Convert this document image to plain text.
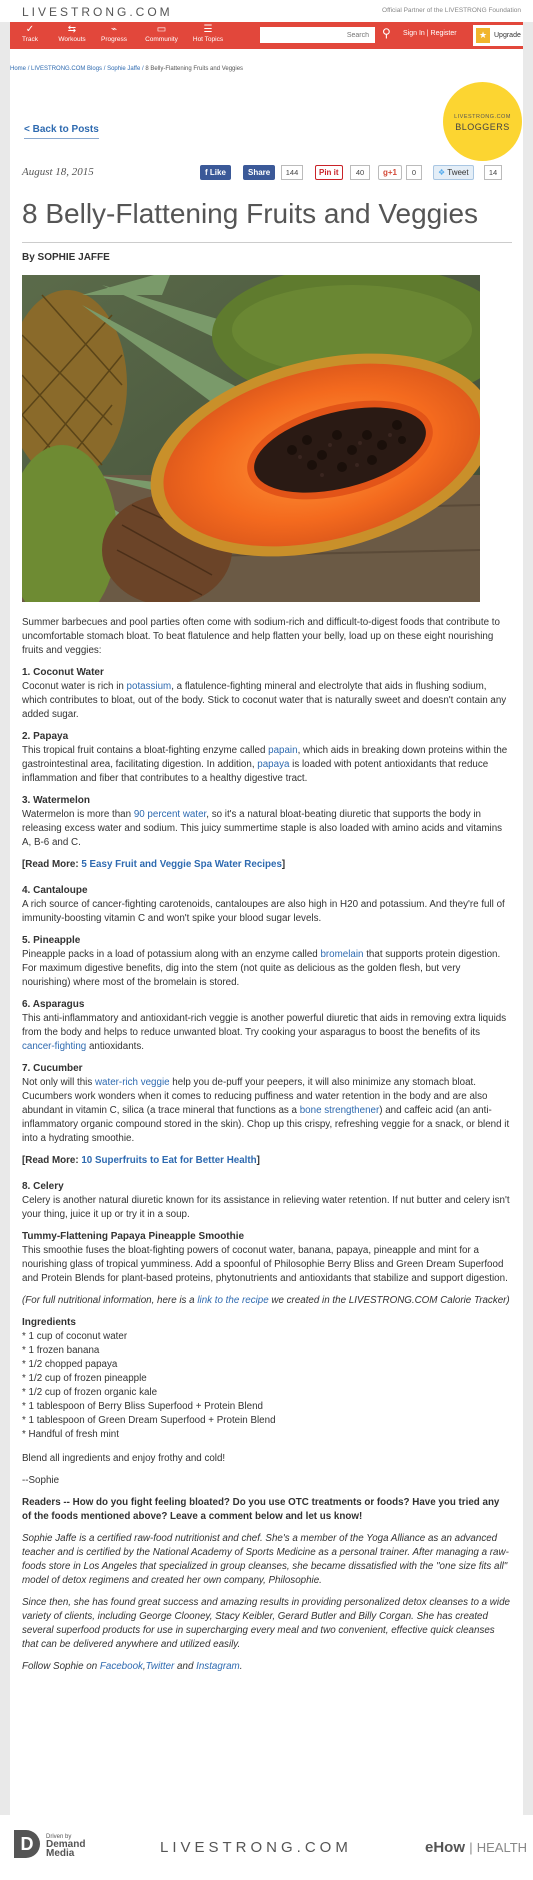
LIVESTRONG.COM	Official Partner of the LIVESTRONG Foundation
✓
Track
⇆
Workouts
⌁
Progress
▭
Community
☰
Hot Topics
Search	⚲	Sign In | Register	★ Upgrade
Home / LIVESTRONG.COM Blogs / Sophie Jaffe / 8 Belly-Flattening Fruits and Veggies
LIVESTRONG.COM
BLOGGERS
< Back to Posts
August 18, 2015	f Like	Share	144	Pin it	40	g+1	0	❖ Tweet	14
8 Belly-Flattening Fruits and Veggies
By SOPHIE JAFFE

Summer barbecues and pool parties often come with sodium-rich and difficult-to-digest foods that contribute to uncomfortable stomach bloat. To beat flatulence and help flatten your belly, load up on these eight nourishing fruits and veggies:

1. Coconut Water
Coconut water is rich in potassium, a flatulence-fighting mineral and electrolyte that aids in flushing sodium, which contributes to bloat, out of the body. Stick to coconut water that is naturally sweet and doesn't contain any added sugar.
2. Papaya
This tropical fruit contains a bloat-fighting enzyme called papain, which aids in breaking down proteins within the gastrointestinal area, facilitating digestion. In addition, papaya is loaded with potent antioxidants that reduce inflammation and fiber that contributes to a healthy digestive tract.
3. Watermelon
Watermelon is more than 90 percent water, so it's a natural bloat-beating diuretic that supports the body in releasing excess water and sodium. This juicy summertime staple is also loaded with amino acids and vitamins A, B-6 and C.
[Read More: 5 Easy Fruit and Veggie Spa Water Recipes]
4. Cantaloupe
A rich source of cancer-fighting carotenoids, cantaloupes are also high in H20 and potassium. And they're full of immunity-boosting vitamin C and won't spike your blood sugar levels.
5. Pineapple
Pineapple packs in a load of potassium along with an enzyme called bromelain that supports protein digestion. For maximum digestive benefits, dig into the stem (not quite as delicious as the golden flesh, but very nourishing) where most of the bromelain is stored.
6. Asparagus
This anti-inflammatory and antioxidant-rich veggie is another powerful diuretic that aids in removing extra liquids from the body and helps to reduce unwanted bloat. Try cooking your asparagus to boost the benefits of its cancer-fighting antioxidants.
7. Cucumber
Not only will this water-rich veggie help you de-puff your peepers, it will also minimize any stomach bloat. Cucumbers work wonders when it comes to reducing puffiness and water retention in the body and are also abundant in vitamin C, silica (a trace mineral that functions as a bone strengthener) and caffeic acid (an anti-inflammatory organic compound stored in the skin). Chop up this crispy, refreshing veggie for a snack, or blend it into a hydrating smoothie.
[Read More: 10 Superfruits to Eat for Better Health]
8. Celery
Celery is another natural diuretic known for its assistance in relieving water retention. If nut butter and celery isn't your thing, juice it up or try it in a soup.
Tummy-Flattening Papaya Pineapple Smoothie
This smoothie fuses the bloat-fighting powers of coconut water, banana, papaya, pineapple and mint for a nourishing glass of tropical yumminess. Add a spoonful of Philosophie Berry Bliss and Green Dream Superfood and Protein Blends for plant-based proteins, phytonutrients and antioxidants that stabilize and support digestion.

(For full nutritional information, here is a link to the recipe we created in the LIVESTRONG.COM Calorie Tracker)

Ingredients
* 1 cup of coconut water
* 1 frozen banana
* 1/2 chopped papaya
* 1/2 cup of frozen pineapple
* 1/2 cup of frozen organic kale
* 1 tablespoon of Berry Bliss Superfood + Protein Blend
* 1 tablespoon of Green Dream Superfood + Protein Blend
* Handful of fresh mint

Blend all ingredients and enjoy frothy and cold!

--Sophie

Readers -- How do you fight feeling bloated? Do you use OTC treatments or foods? Have you tried any of the foods mentioned above? Leave a comment below and let us know!

Sophie Jaffe is a certified raw-food nutritionist and chef. She's a member of the Yoga Alliance as an advanced teacher and is certified by the National Academy of Sports Medicine as a personal trainer. After managing a raw-foods store in Los Angeles that specialized in group cleanses, she became dissatisfied with the "one size fits all" model of detox regimens and created her own company, Philosophie.

Since then, she has found great success and amazing results in providing personalized detox cleanses to a wide variety of clients, including George Clooney, Stacy Keibler, Gerard Butler and Billy Corgan. She has created several superfood products for use in supercharging every meal and two convenient, effective quick cleanses that can be delivered anywhere and utilized easily.

Follow Sophie on Facebook,Twitter and Instagram.

D	Driven by
Demand
Media	LIVESTRONG.COM	eHow | HEALTH
